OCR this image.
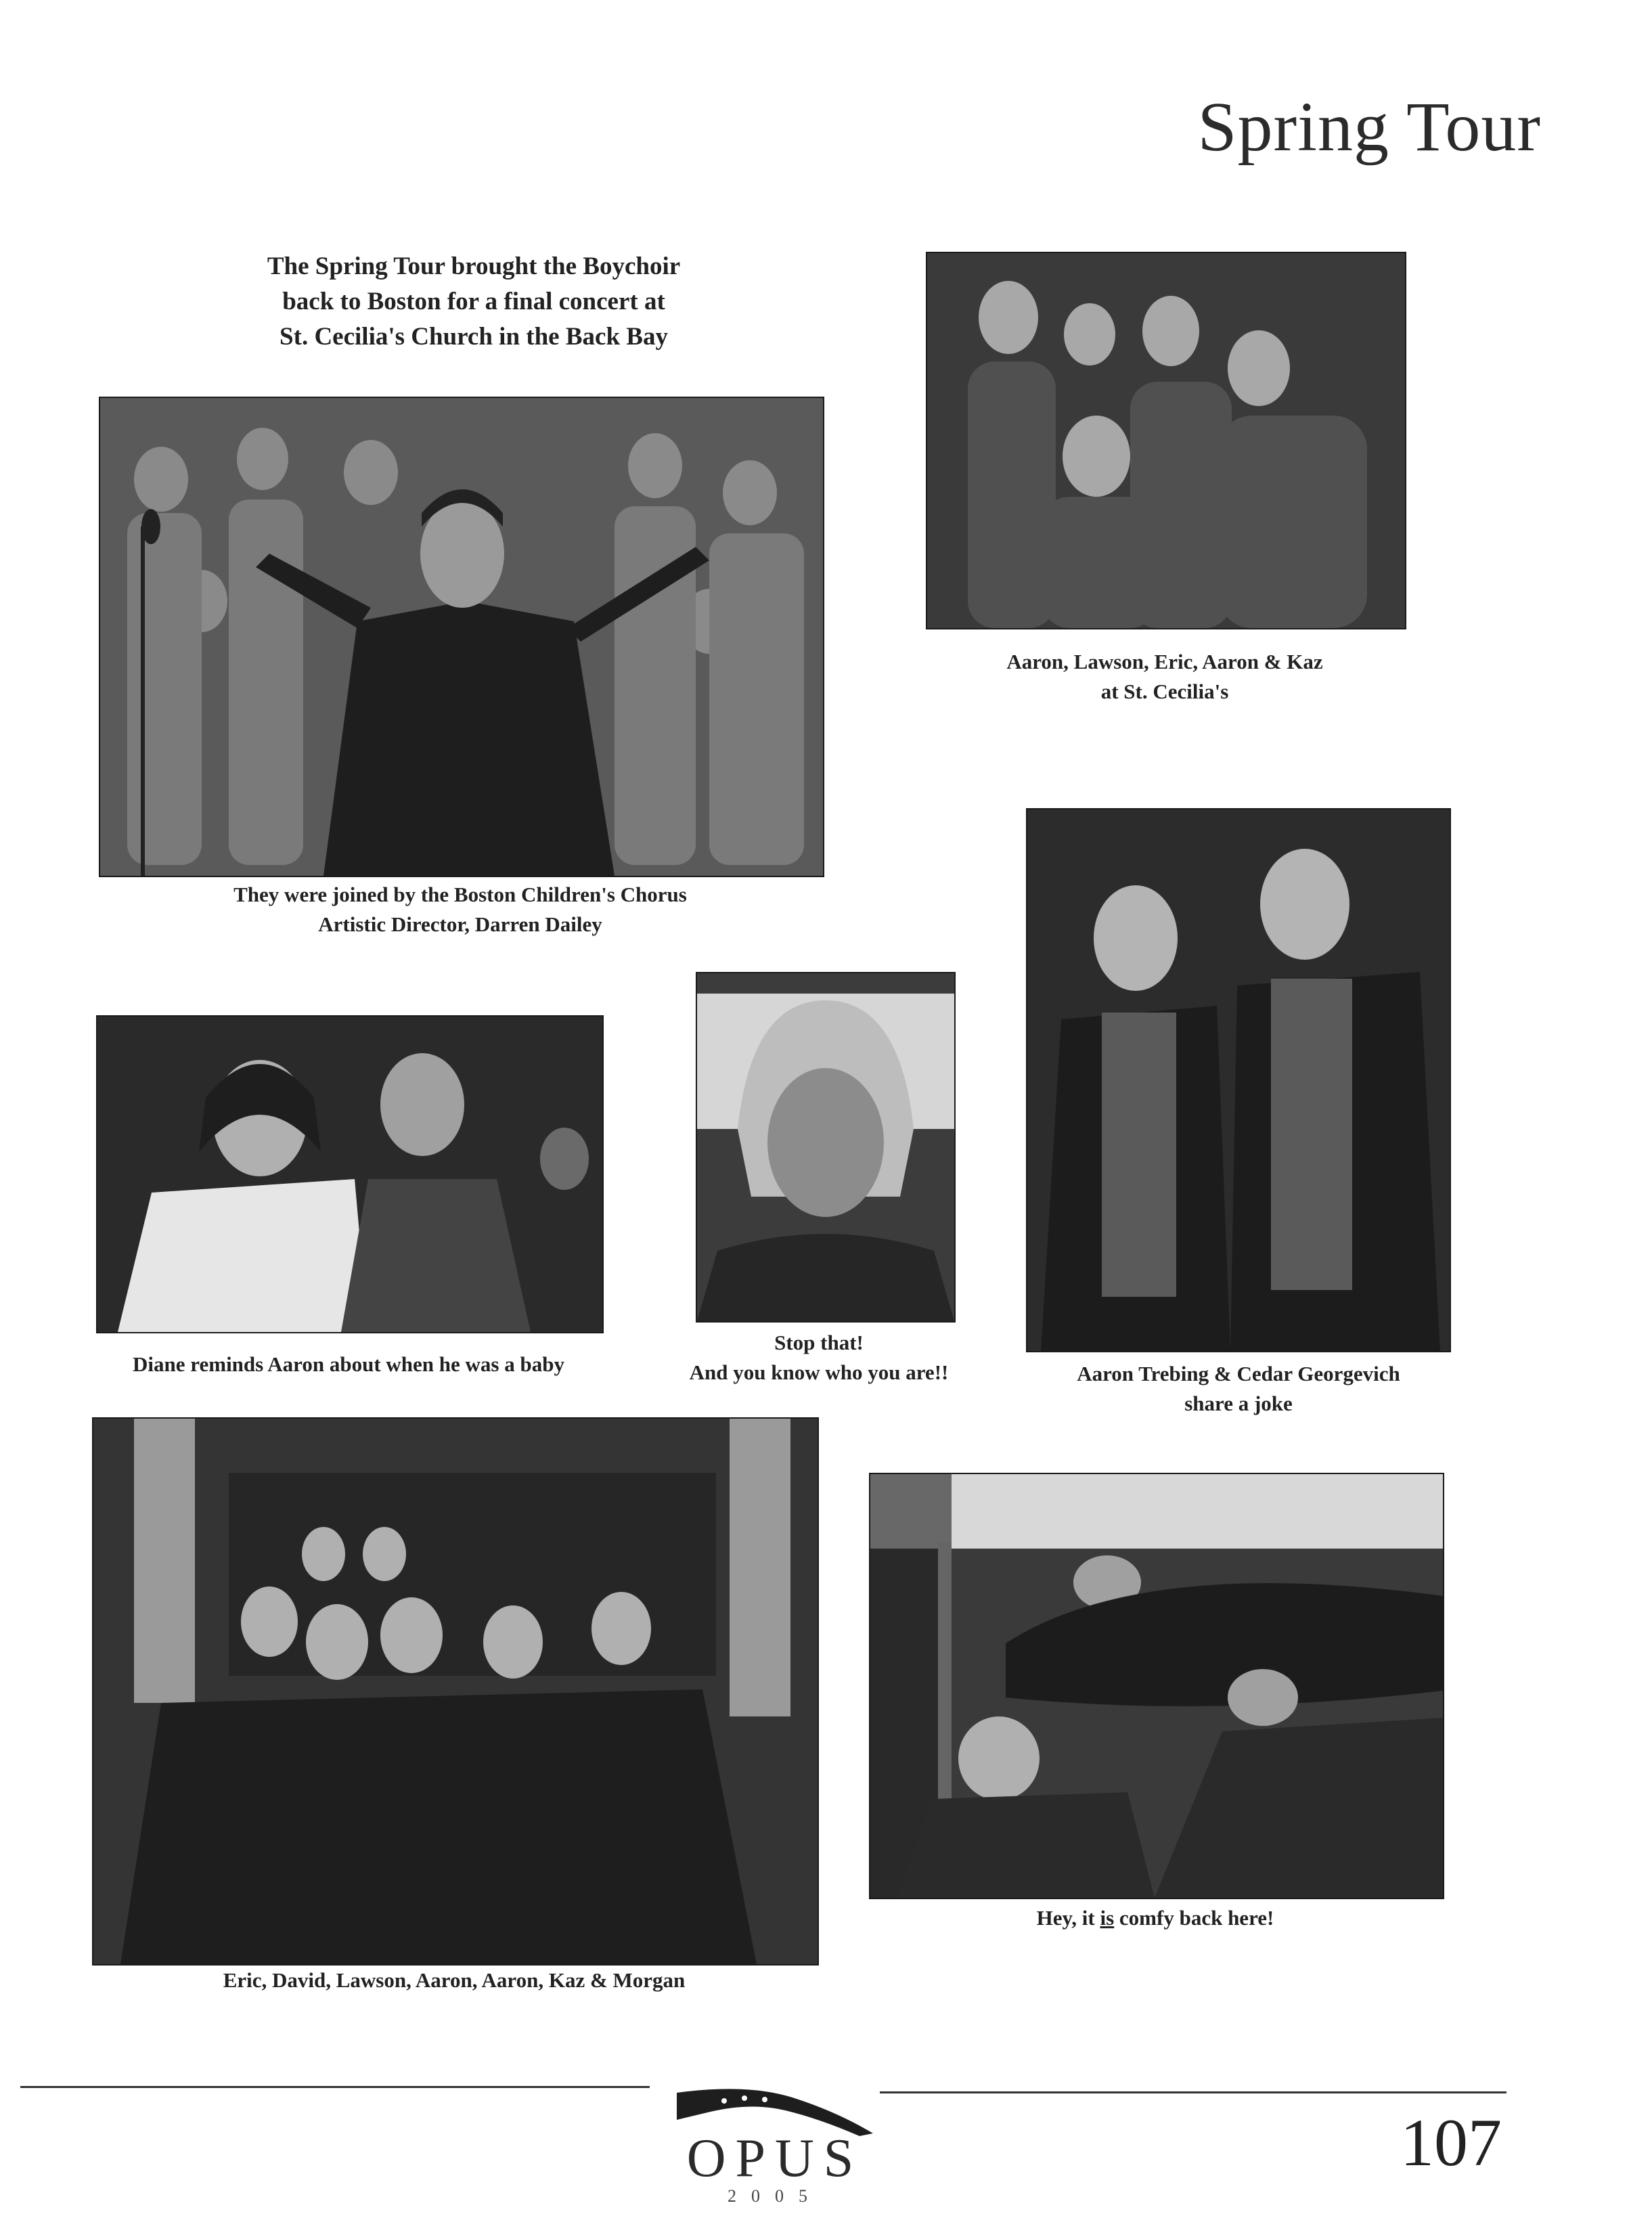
Spring Tour
The Spring Tour brought the Boychoir
back to Boston for a final concert at
St. Cecilia's Church in the Back Bay
They were joined by the Boston Children's Chorus
Artistic Director, Darren Dailey
Aaron, Lawson, Eric, Aaron & Kaz
at St. Cecilia's
Diane reminds Aaron about when he was a baby
Stop that!
And you know who you are!!	Aaron Trebing & Cedar Georgevich
share a joke
Eric, David, Lawson, Aaron, Aaron, Kaz & Morgan
Hey, it is comfy back here!
OPUS
2005
107
